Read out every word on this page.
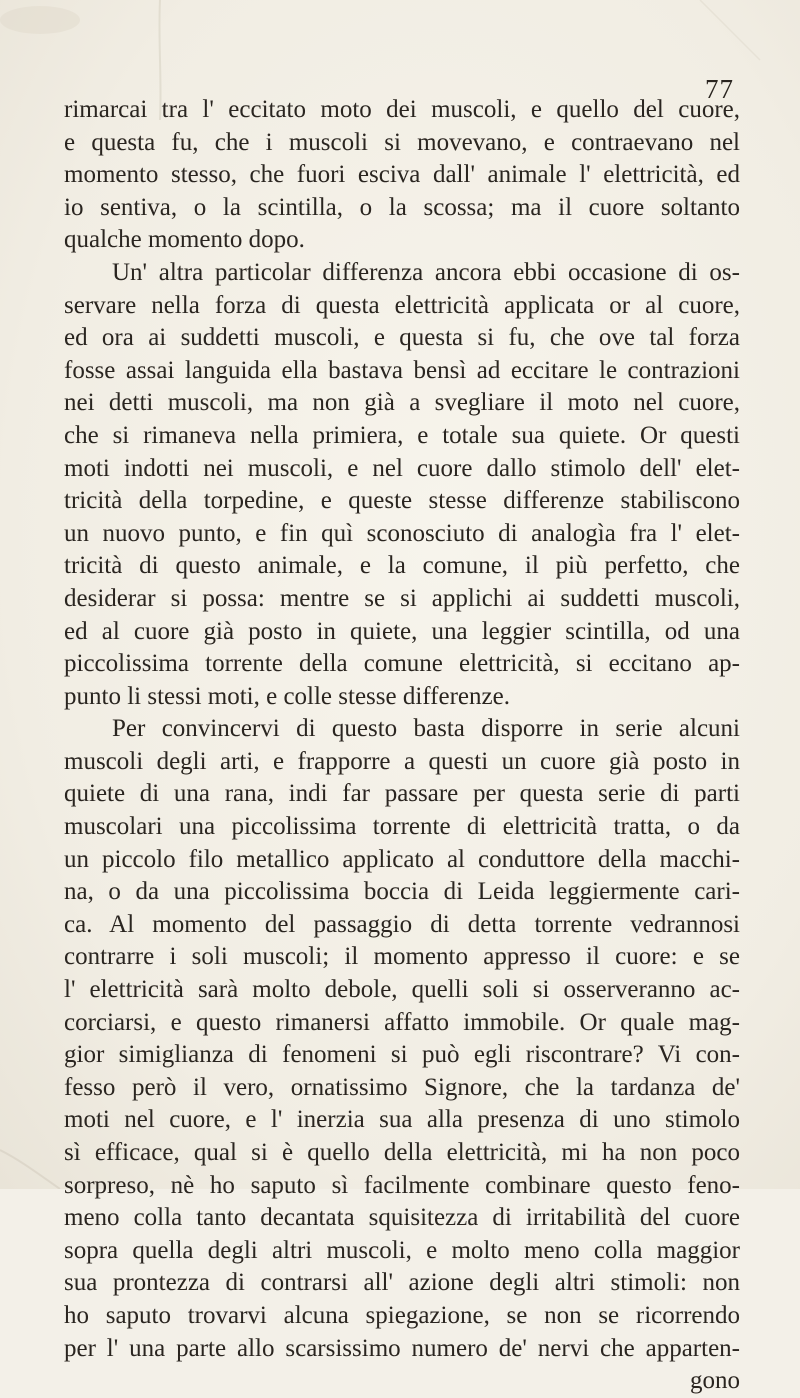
77
rimarcai tra l' eccitato moto dei muscoli, e quello del cuore,
e questa fu, che i muscoli si movevano, e contraevano nel
momento stesso, che fuori esciva dall' animale l' elettricità, ed
io sentiva, o la scintilla, o la scossa; ma il cuore soltanto
qualche momento dopo.
Un' altra particolar differenza ancora ebbi occasione di os-
servare nella forza di questa elettricità applicata or al cuore,
ed ora ai suddetti muscoli, e questa si fu, che ove tal forza
fosse assai languida ella bastava bensì ad eccitare le contrazioni
nei detti muscoli, ma non già a svegliare il moto nel cuore,
che si rimaneva nella primiera, e totale sua quiete. Or questi
moti indotti nei muscoli, e nel cuore dallo stimolo dell' elet-
tricità della torpedine, e queste stesse differenze stabiliscono
un nuovo punto, e fin quì sconosciuto di analogìa fra l' elet-
tricità di questo animale, e la comune, il più perfetto, che
desiderar si possa: mentre se si applichi ai suddetti muscoli,
ed al cuore già posto in quiete, una leggier scintilla, od una
piccolissima torrente della comune elettricità, si eccitano ap-
punto li stessi moti, e colle stesse differenze.
Per convincervi di questo basta disporre in serie alcuni
muscoli degli arti, e frapporre a questi un cuore già posto in
quiete di una rana, indi far passare per questa serie di parti
muscolari una piccolissima torrente di elettricità tratta, o da
un piccolo filo metallico applicato al conduttore della macchi-
na, o da una piccolissima boccia di Leida leggiermente cari-
ca. Al momento del passaggio di detta torrente vedrannosi
contrarre i soli muscoli; il momento appresso il cuore: e se
l' elettricità sarà molto debole, quelli soli si osserveranno ac-
corciarsi, e questo rimanersi affatto immobile. Or quale mag-
gior simiglianza di fenomeni si può egli riscontrare? Vi con-
fesso però il vero, ornatissimo Signore, che la tardanza de'
moti nel cuore, e l' inerzia sua alla presenza di uno stimolo
sì efficace, qual si è quello della elettricità, mi ha non poco
sorpreso, nè ho saputo sì facilmente combinare questo feno-
meno colla tanto decantata squisitezza di irritabilità del cuore
sopra quella degli altri muscoli, e molto meno colla maggior
sua prontezza di contrarsi all' azione degli altri stimoli: non
ho saputo trovarvi alcuna spiegazione, se non se ricorrendo
per l' una parte allo scarsissimo numero de' nervi che apparten-
gono
